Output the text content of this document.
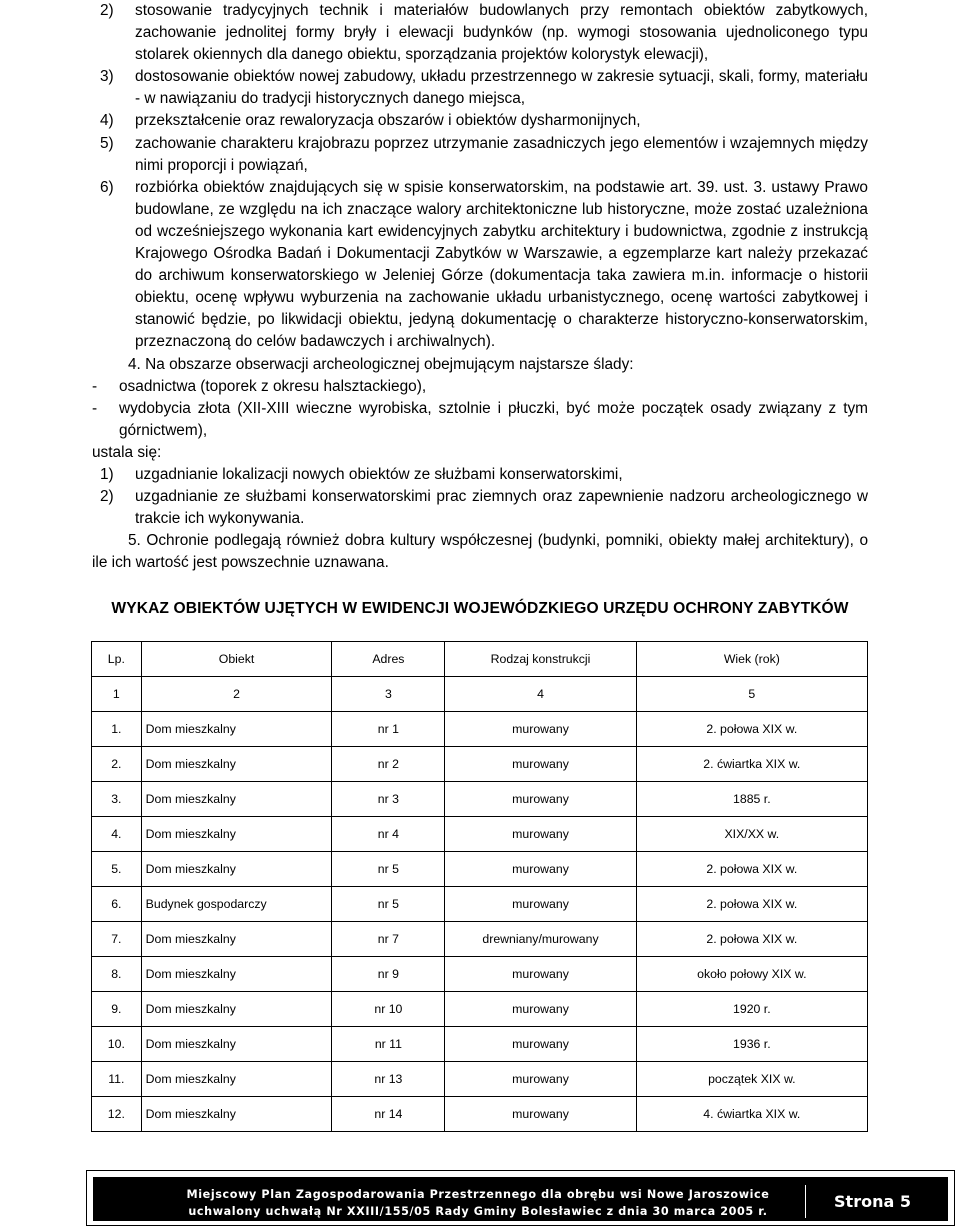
2)	stosowanie tradycyjnych technik i materiałów budowlanych przy remontach obiektów zabytkowych, zachowanie jednolitej formy bryły i elewacji budynków (np. wymogi stosowania ujednoliconego typu stolarek okiennych dla danego obiektu, sporządzania projektów kolorystyk elewacji),
3)	dostosowanie obiektów nowej zabudowy, układu przestrzennego w zakresie sytuacji, skali, formy, materiału - w nawiązaniu do tradycji historycznych danego miejsca,
4)	przekształcenie oraz rewaloryzacja obszarów i obiektów dysharmonijnych,
5)	zachowanie charakteru krajobrazu poprzez utrzymanie zasadniczych jego elementów i wzajemnych między nimi proporcji i powiązań,
6)	rozbiórka obiektów znajdujących się w spisie konserwatorskim, na podstawie art. 39. ust. 3. ustawy Prawo budowlane, ze względu na ich znaczące walory architektoniczne lub historyczne, może zostać uzależniona od wcześniejszego wykonania kart ewidencyjnych zabytku architektury i budownictwa, zgodnie z instrukcją Krajowego Ośrodka Badań i Dokumentacji Zabytków w Warszawie, a egzemplarze kart należy przekazać do archiwum konserwatorskiego w Jeleniej Górze (dokumentacja taka zawiera m.in. informacje o historii obiektu, ocenę wpływu wyburzenia na zachowanie układu urbanistycznego, ocenę wartości zabytkowej i stanowić będzie, po likwidacji obiektu, jedyną dokumentację o charakterze historyczno-konserwatorskim, przeznaczoną do celów badawczych i archiwalnych).

4. Na obszarze obserwacji archeologicznej obejmującym najstarsze ślady:

-	osadnictwa (toporek z okresu halsztackiego),
-	wydobycia złota (XII-XIII wieczne wyrobiska, sztolnie i płuczki, być może początek osady związany z tym górnictwem),

ustala się:

1)	uzgadnianie lokalizacji nowych obiektów ze służbami konserwatorskimi,
2)	uzgadnianie ze służbami konserwatorskimi prac ziemnych oraz zapewnienie nadzoru archeologicznego w trakcie ich wykonywania.

5. Ochronie podlegają również dobra kultury współczesnej (budynki, pomniki, obiekty małej architektury), o ile ich wartość jest powszechnie uznawana.

WYKAZ OBIEKTÓW UJĘTYCH W EWIDENCJI WOJEWÓDZKIEGO URZĘDU OCHRONY ZABYTKÓW
Lp.	Obiekt	Adres	Rodzaj konstrukcji	Wiek (rok)
1	2	3	4	5
1.	Dom mieszkalny	nr 1	murowany	2. połowa XIX w.
2.	Dom mieszkalny	nr 2	murowany	2. ćwiartka XIX w.
3.	Dom mieszkalny	nr 3	murowany	1885 r.
4.	Dom mieszkalny	nr 4	murowany	XIX/XX w.
5.	Dom mieszkalny	nr 5	murowany	2. połowa XIX w.
6.	Budynek gospodarczy	nr 5	murowany	2. połowa XIX w.
7.	Dom mieszkalny	nr 7	drewniany/murowany	2. połowa XIX w.
8.	Dom mieszkalny	nr 9	murowany	około połowy XIX w.
9.	Dom mieszkalny	nr 10	murowany	1920 r.
10.	Dom mieszkalny	nr 11	murowany	1936 r.
11.	Dom mieszkalny	nr 13	murowany	początek XIX w.
12.	Dom mieszkalny	nr 14	murowany	4. ćwiartka XIX w.
Miejscowy Plan Zagospodarowania Przestrzennego dla obrębu wsi Nowe Jaroszowice
uchwalony uchwałą Nr XXIII/155/05 Rady Gminy Bolesławiec z dnia 30 marca 2005 r.
Strona 5
